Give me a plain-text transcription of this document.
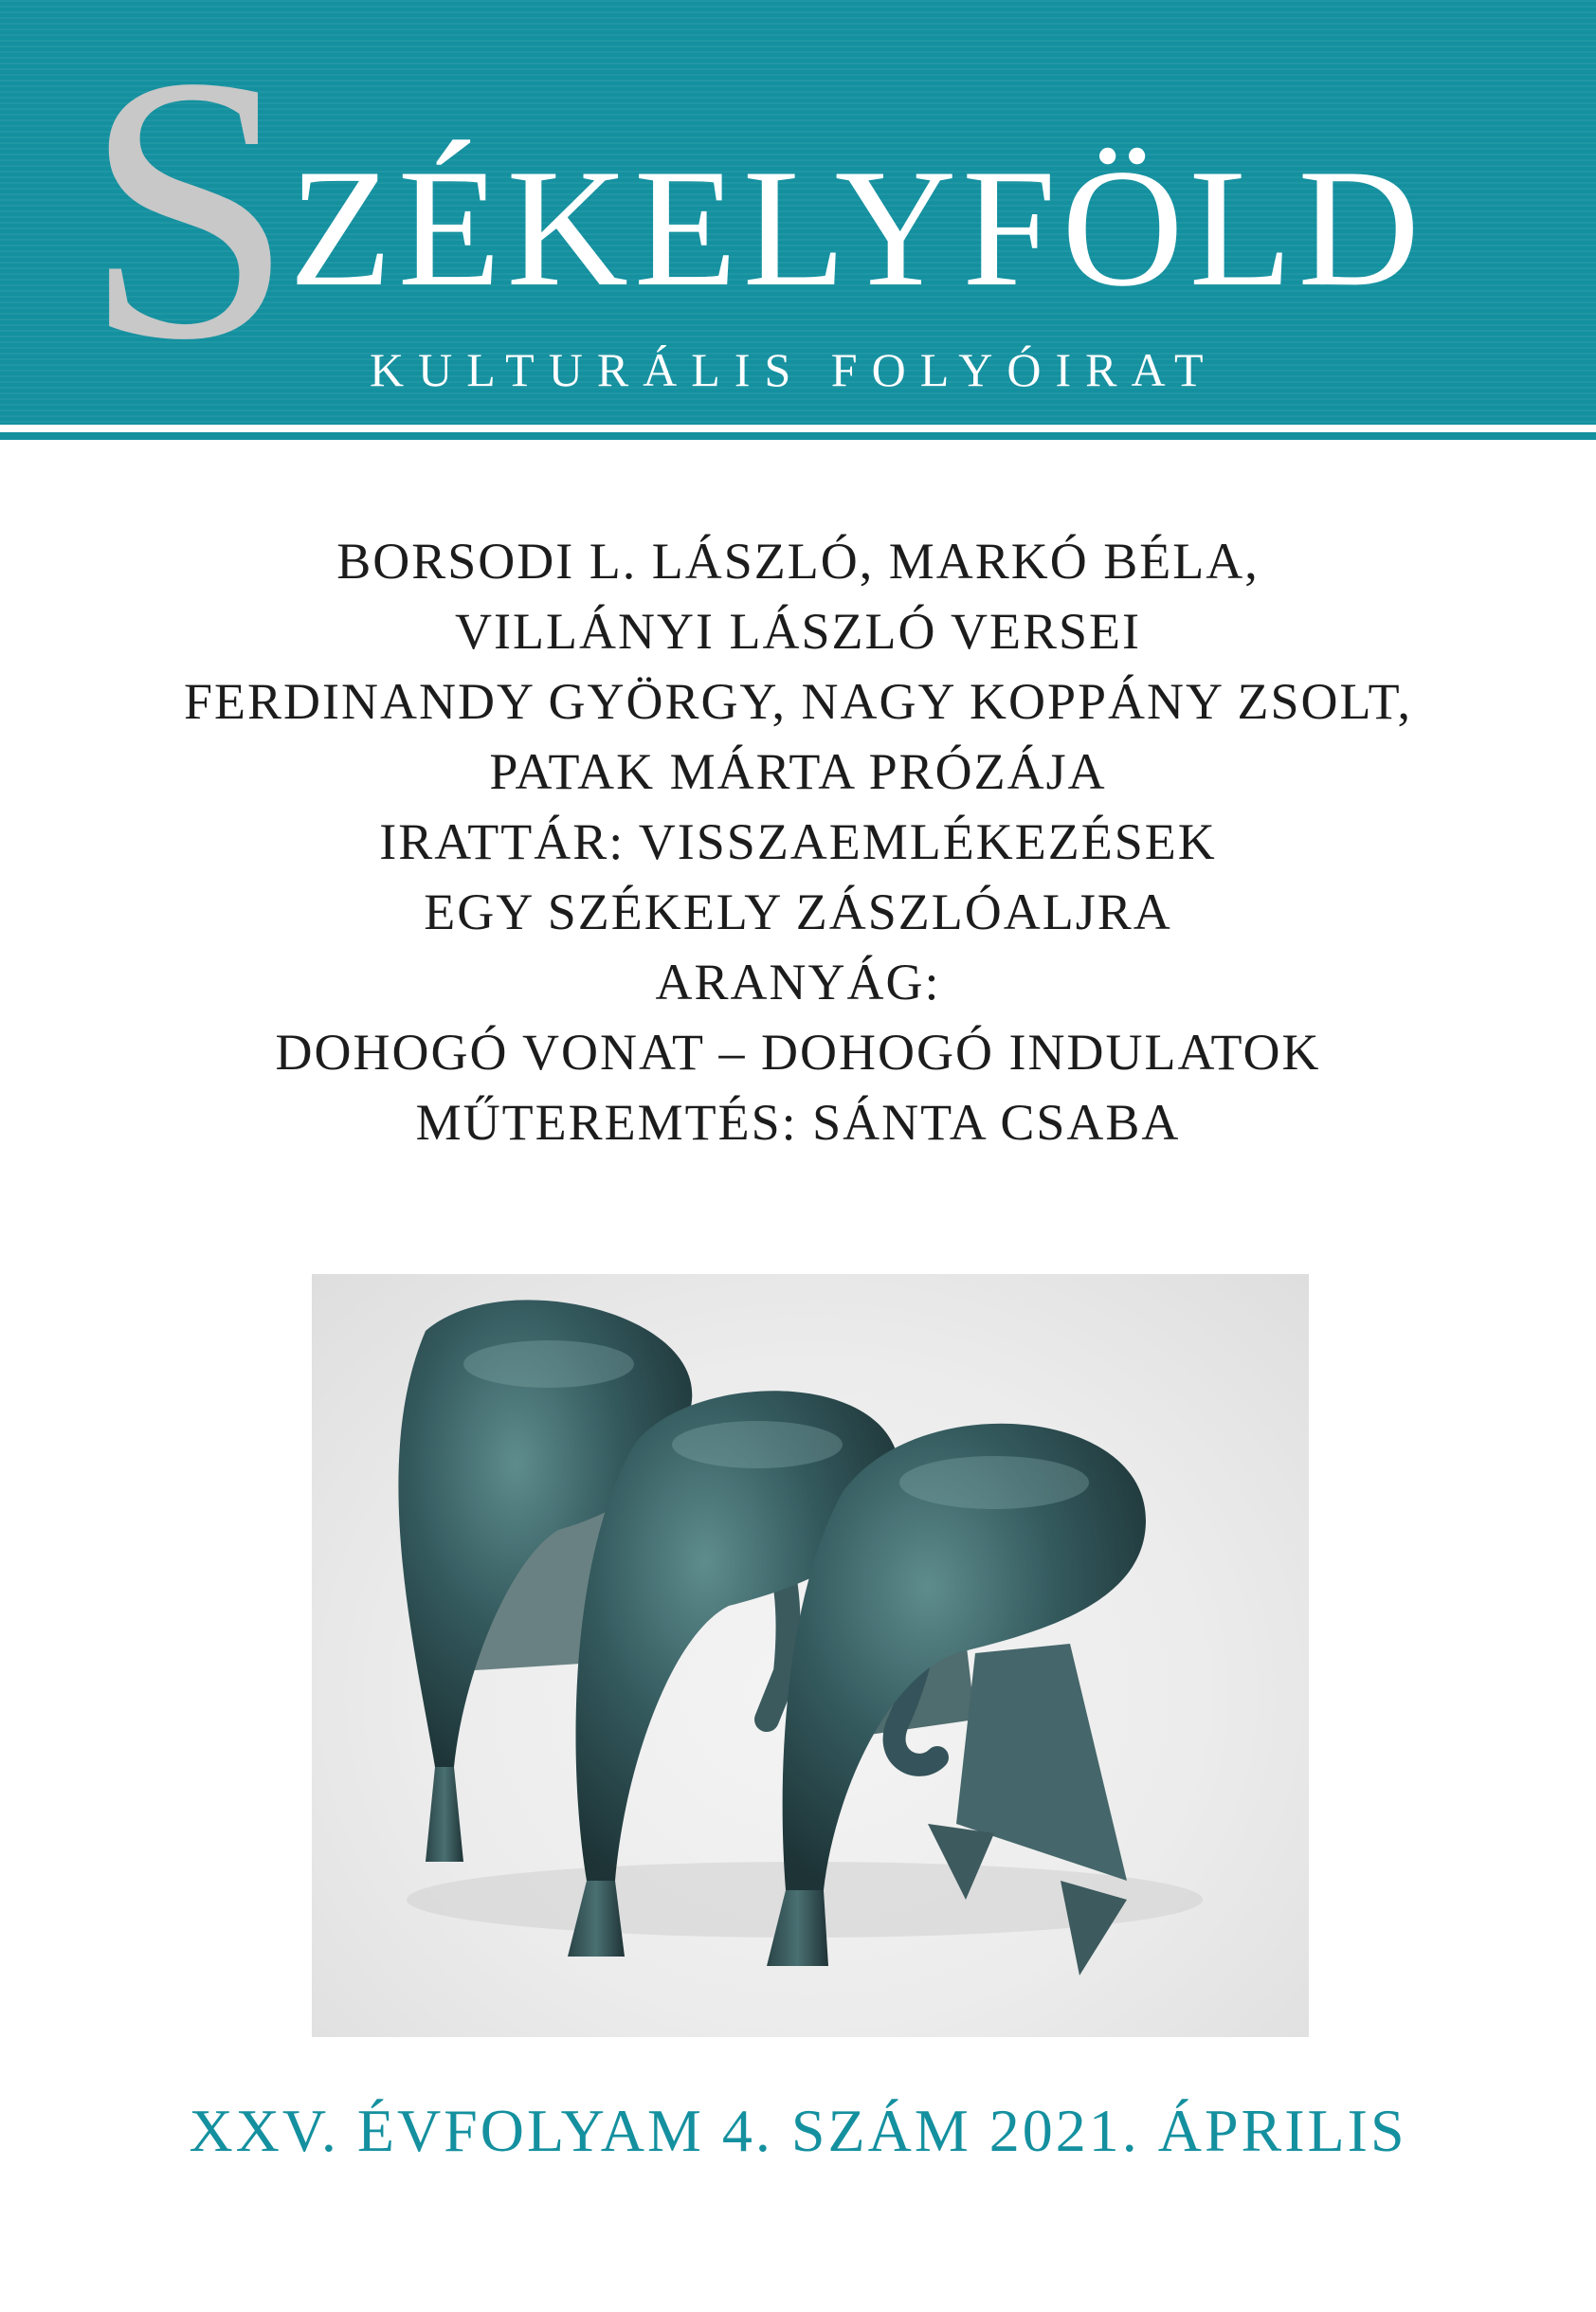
S
ZÉKELYFÖLD
KULTURÁLIS FOLYÓIRAT
BORSODI L. LÁSZLÓ, MARKÓ BÉLA,
VILLÁNYI LÁSZLÓ VERSEI
FERDINANDY GYÖRGY, NAGY KOPPÁNY ZSOLT,
PATAK MÁRTA PRÓZÁJA
IRATTÁR: VISSZAEMLÉKEZÉSEK
EGY SZÉKELY ZÁSZLÓALJRA
ARANYÁG:
DOHOGÓ VONAT – DOHOGÓ INDULATOK
MŰTEREMTÉS: SÁNTA CSABA
XXV. ÉVFOLYAM 4. SZÁM 2021. ÁPRILIS
